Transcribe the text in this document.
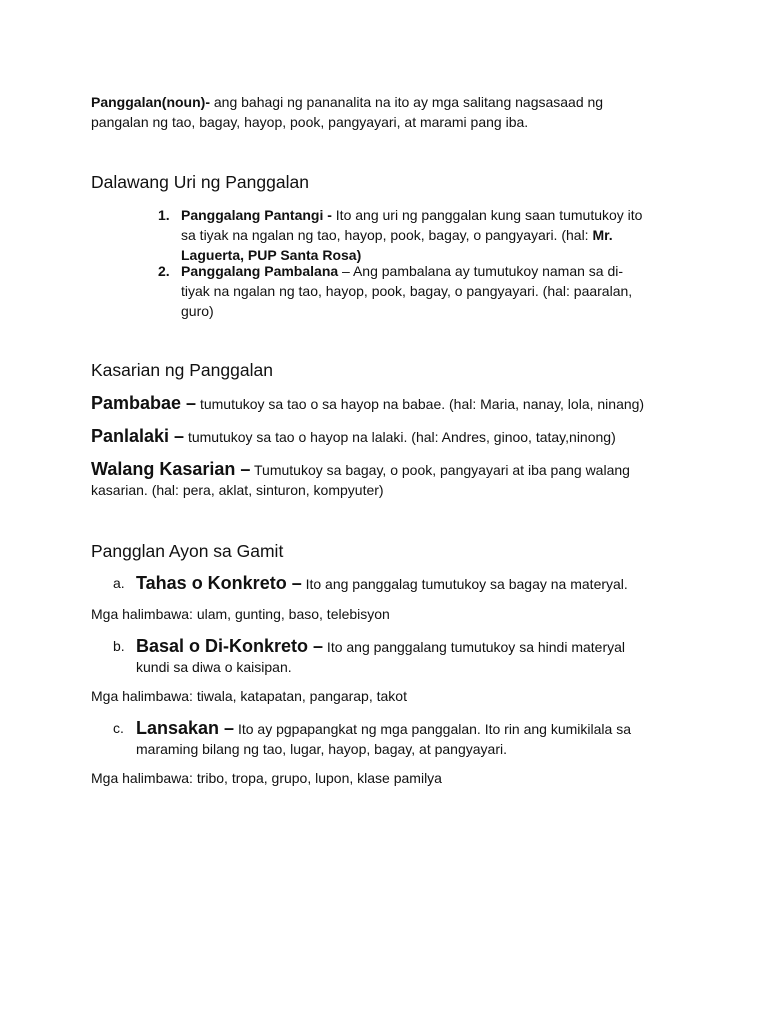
Panggalan(noun)- ang bahagi ng pananalita na ito ay mga salitang nagsasaad ng
pangalan ng tao, bagay, hayop, pook, pangyayari, at marami pang iba.
Dalawang Uri ng Panggalan
1. Panggalang Pantangi - Ito ang uri ng panggalan kung saan tumutukoy ito
sa tiyak na ngalan ng tao, hayop, pook, bagay, o pangyayari. (hal: Mr.
Laguerta, PUP Santa Rosa)
2. Panggalang Pambalana – Ang pambalana ay tumutukoy naman sa di-
tiyak na ngalan ng tao, hayop, pook, bagay, o pangyayari. (hal: paaralan,
guro)
Kasarian ng Panggalan
Pambabae – tumutukoy sa tao o sa hayop na babae. (hal: Maria, nanay, lola, ninang)
Panlalaki – tumutukoy sa tao o hayop na lalaki. (hal: Andres, ginoo, tatay,ninong)
Walang Kasarian – Tumutukoy sa bagay, o pook, pangyayari at iba pang walang
kasarian. (hal: pera, aklat, sinturon, kompyuter)
Pangglan Ayon sa Gamit
a. Tahas o Konkreto – Ito ang panggalag tumutukoy sa bagay na materyal.
Mga halimbawa: ulam, gunting, baso, telebisyon
b. Basal o Di-Konkreto – Ito ang panggalang tumutukoy sa hindi materyal
kundi sa diwa o kaisipan.
Mga halimbawa: tiwala, katapatan, pangarap, takot
c. Lansakan – Ito ay pgpapangkat ng mga panggalan. Ito rin ang kumikilala sa
maraming bilang ng tao, lugar, hayop, bagay, at pangyayari.
Mga halimbawa: tribo, tropa, grupo, lupon, klase pamilya
